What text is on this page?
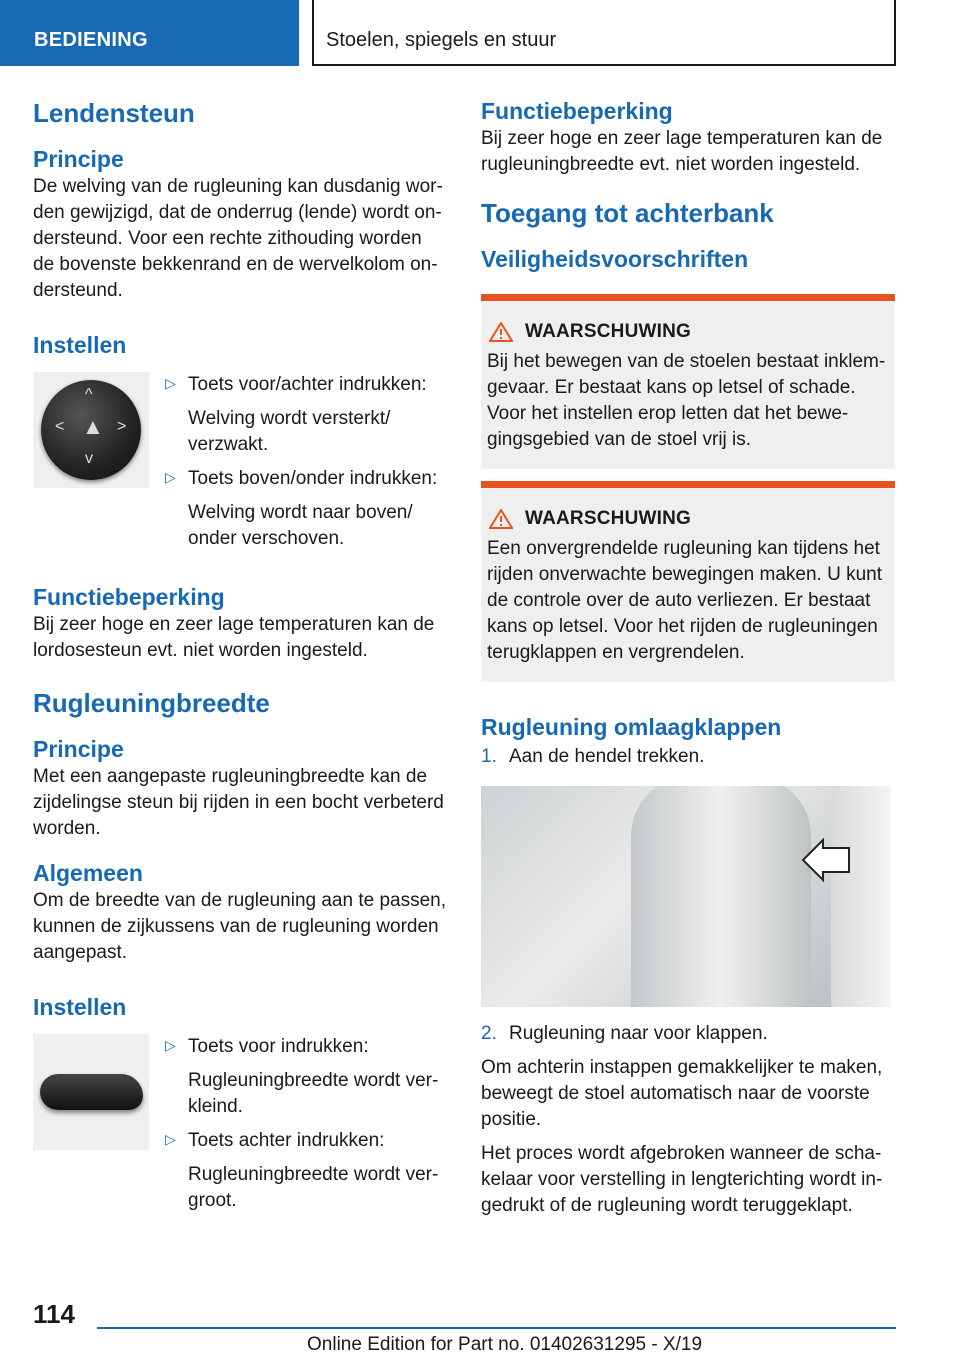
BEDIENING	Stoelen, spiegels en stuur
Lendensteun
Principe

De welving van de rugleuning kan dusdanig wor-den gewijzigd, dat de onderrug (lende) wordt on-dersteund. Voor een rechte zithouding worden de bovenste bekkenrand en de wervelkolom on-dersteund.

Instellen
^
<	>
v
▲
▷ Toets voor/achter indrukken:

Welving wordt versterkt/ verzwakt.

▷ Toets boven/onder indrukken:

Welving wordt naar boven/ onder verschoven.

Functiebeperking

Bij zeer hoge en zeer lage temperaturen kan de lordosesteun evt. niet worden ingesteld.

Rugleuningbreedte
Principe

Met een aangepaste rugleuningbreedte kan de zijdelingse steun bij rijden in een bocht verbeterd worden.

Algemeen

Om de breedte van de rugleuning aan te passen, kunnen de zijkussens van de rugleuning worden aangepast.

Instellen
▷ Toets voor indrukken:

Rugleuningbreedte wordt ver-kleind.

▷ Toets achter indrukken:

Rugleuningbreedte wordt ver-groot.

Functiebeperking

Bij zeer hoge en zeer lage temperaturen kan de rugleuningbreedte evt. niet worden ingesteld.

Toegang tot achterbank
Veiligheidsvoorschriften
WAARSCHUWING

Bij het bewegen van de stoelen bestaat inklem-gevaar. Er bestaat kans op letsel of schade. Voor het instellen erop letten dat het bewe-gingsgebied van de stoel vrij is.

WAARSCHUWING

Een onvergrendelde rugleuning kan tijdens het rijden onverwachte bewegingen maken. U kunt de controle over de auto verliezen. Er bestaat kans op letsel. Voor het rijden de rugleuningen terugklappen en vergrendelen.

Rugleuning omlaagklappen
1. Aan de hendel trekken.
2. Rugleuning naar voor klappen.

Om achterin instappen gemakkelijker te maken, beweegt de stoel automatisch naar de voorste positie.

Het proces wordt afgebroken wanneer de scha-kelaar voor verstelling in lengterichting wordt in-gedrukt of de rugleuning wordt teruggeklapt.

114
Online Edition for Part no. 01402631295 - X/19
